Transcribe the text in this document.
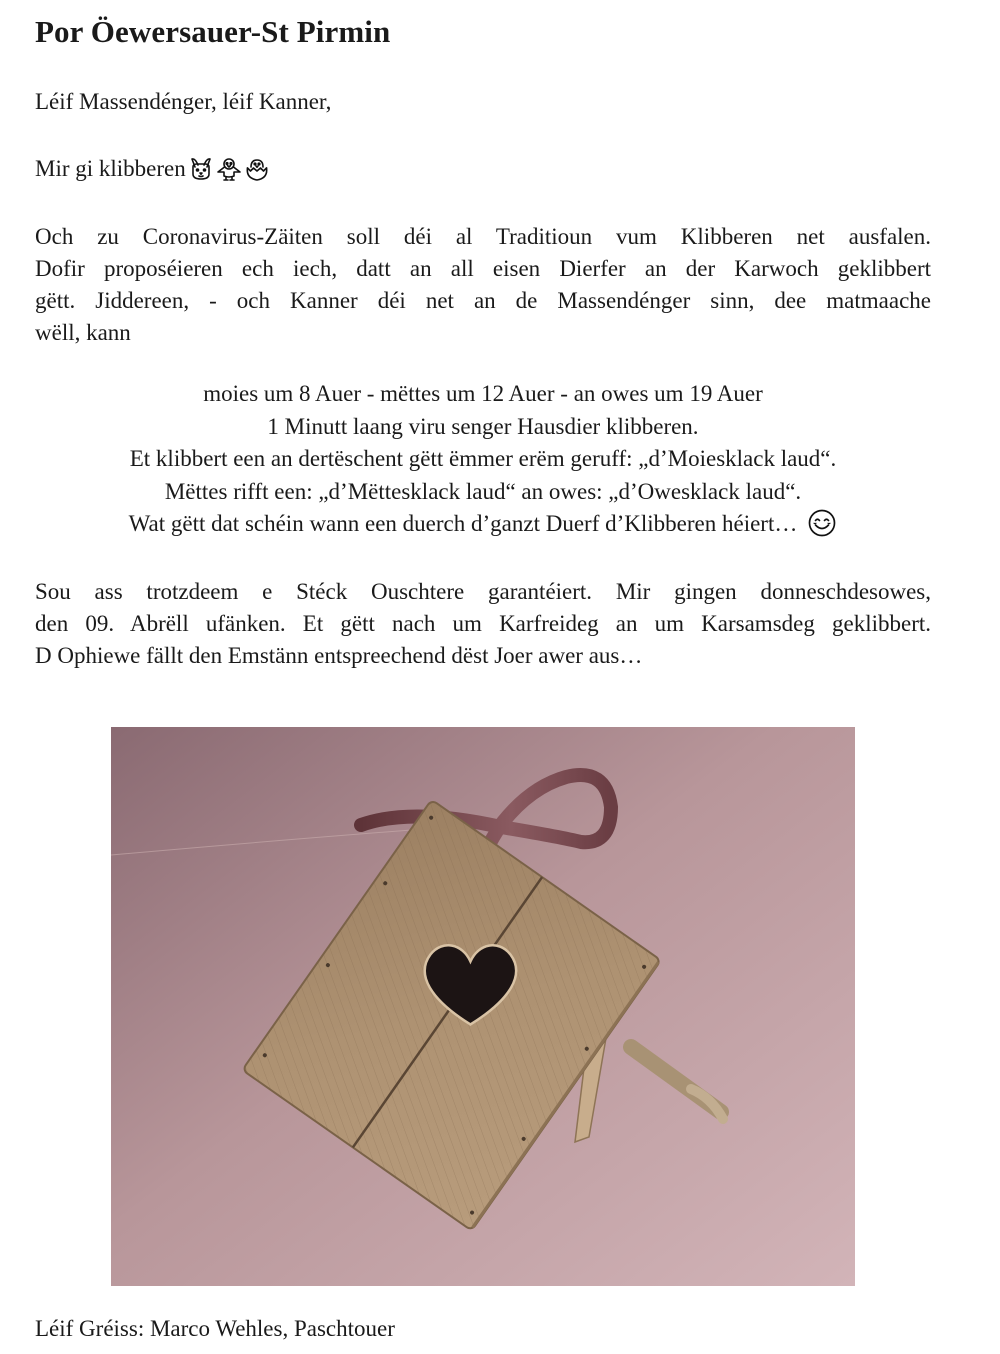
Por Öewersauer-St Pirmin

Léif Massendénger, léif Kanner,

Mir gi klibberen

Och zu Coronavirus-Zäiten soll déi al Traditioun vum Klibberen net ausfalen.
Dofir proposéieren ech iech, datt an all eisen Dierfer an der Karwoch geklibbert
gëtt. Jiddereen, - och Kanner déi net an de Massendénger sinn, dee matmaache
wëll, kann
moies um 8 Auer - mëttes um 12 Auer - an owes um 19 Auer
1 Minutt laang viru senger Hausdier klibberen.
Et klibbert een an dertëschent gëtt ëmmer erëm geruff: „d’Moiesklack laud“.
Mëttes rifft een: „d’Mëttesklack laud“ an owes: „d’Owesklack laud“.
Wat gëtt dat schéin wann een duerch d’ganzt Duerf d’Klibberen héiert…
Sou ass trotzdeem e Stéck Ouschtere garantéiert. Mir gingen donneschdesowes,
den 09. Abrëll ufänken. Et gëtt nach um Karfreideg an um Karsamsdeg geklibbert.
D Ophiewe fällt den Emstänn entspreechend dëst Joer awer aus…

Léif Gréiss: Marco Wehles, Paschtouer
